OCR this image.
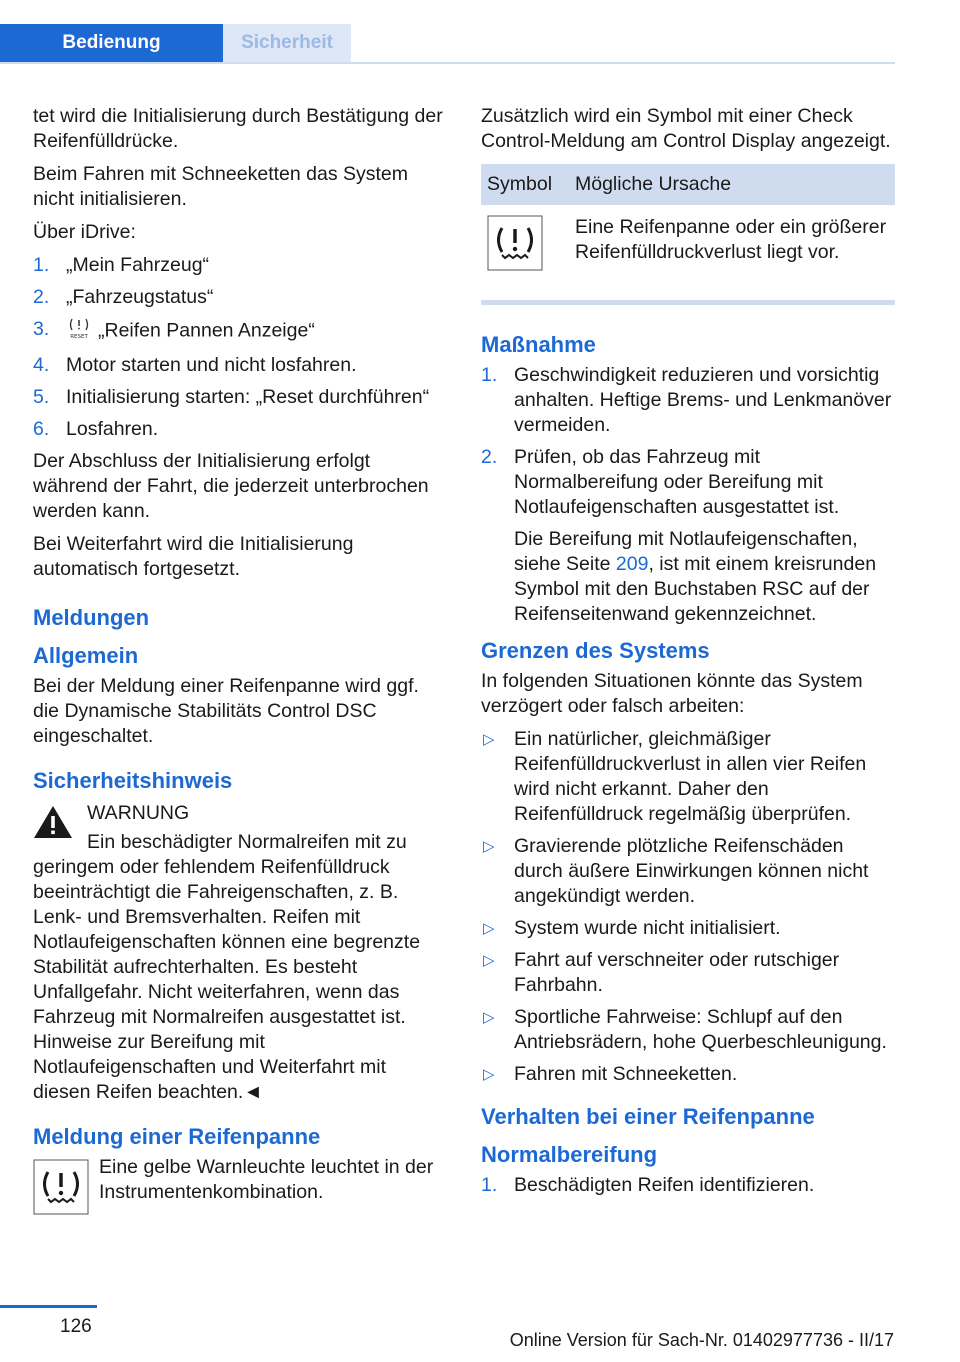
Bedienung	Sicherheit

tet wird die Initialisierung durch Bestätigung der Reifenfülldrücke.

Beim Fahren mit Schneeketten das System nicht initialisieren.

Über iDrive:

1. „Mein Fahrzeug“
2. „Fahrzeugstatus“
3.	RESET „Reifen Pannen Anzeige“
4. Motor starten und nicht losfahren.
5. Initialisierung starten: „Reset durchführen“
6. Losfahren.

Der Abschluss der Initialisierung erfolgt während der Fahrt, die jederzeit unterbrochen werden kann.

Bei Weiterfahrt wird die Initialisierung automatisch fortgesetzt.

Meldungen
Allgemein

Bei der Meldung einer Reifenpanne wird ggf. die Dynamische Stabilitäts Control DSC eingeschaltet.

Sicherheitshinweis
WARNUNG

Ein beschädigter Normalreifen mit zu geringem oder fehlendem Reifenfülldruck beeinträchtigt die Fahreigenschaften, z. B. Lenk- und Bremsverhalten. Reifen mit Notlaufeigenschaften können eine begrenzte Stabilität aufrechterhalten. Es besteht Unfallgefahr. Nicht weiterfahren, wenn das Fahrzeug mit Normalreifen ausgestattet ist. Hinweise zur Bereifung mit Notlaufeigenschaften und Weiterfahrt mit diesen Reifen beachten.◄

Meldung einer Reifenpanne

Eine gelbe Warnleuchte leuchtet in der Instrumentenkombination.

Zusätzlich wird ein Symbol mit einer Check Control-Meldung am Control Display angezeigt.

Symbol	Mögliche Ursache
	Eine Reifenpanne oder ein größerer Reifenfülldruckverlust liegt vor.
Maßnahme
1. Geschwindigkeit reduzieren und vorsichtig anhalten. Heftige Brems- und Lenkmanöver vermeiden.
2. Prüfen, ob das Fahrzeug mit Normalbereifung oder Bereifung mit Notlaufeigenschaften ausgestattet ist.
Die Bereifung mit Notlaufeigenschaften, siehe Seite 209, ist mit einem kreisrunden Symbol mit den Buchstaben RSC auf der Reifenseitenwand gekennzeichnet.
Grenzen des Systems

In folgenden Situationen könnte das System verzögert oder falsch arbeiten:

▷ Ein natürlicher, gleichmäßiger Reifenfülldruckverlust in allen vier Reifen wird nicht erkannt. Daher den Reifenfülldruck regelmäßig überprüfen.
▷ Gravierende plötzliche Reifenschäden durch äußere Einwirkungen können nicht angekündigt werden.
▷ System wurde nicht initialisiert.
▷ Fahrt auf verschneiter oder rutschiger Fahrbahn.
▷ Sportliche Fahrweise: Schlupf auf den Antriebsrädern, hohe Querbeschleunigung.
▷ Fahren mit Schneeketten.
Verhalten bei einer Reifenpanne
Normalbereifung
1. Beschädigten Reifen identifizieren.
126
Online Version für Sach-Nr. 01402977736 - II/17
